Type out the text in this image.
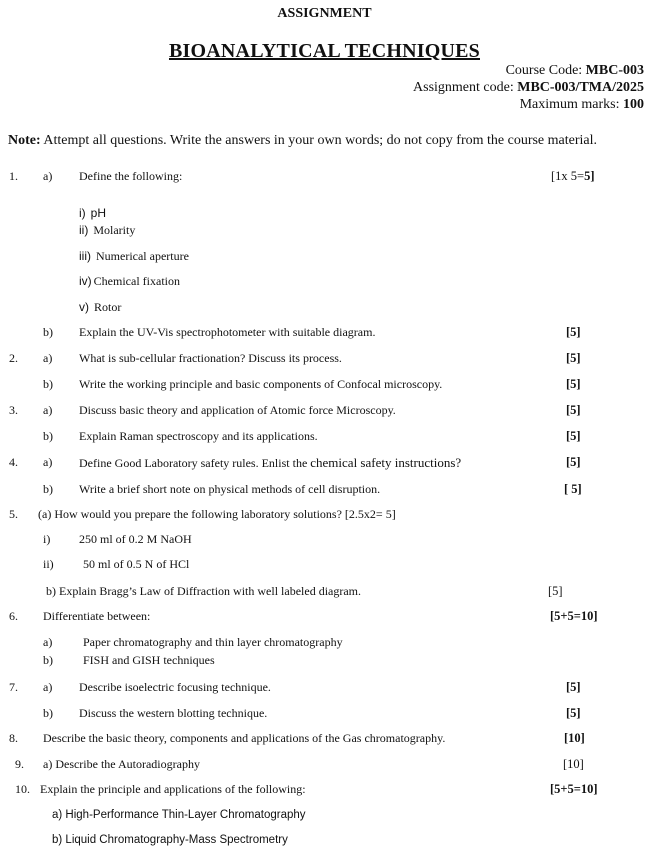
ASSIGNMENT
BIOANALYTICAL TECHNIQUES
Course Code: MBC-003
Assignment code: MBC-003/TMA/2025
Maximum marks: 100
Note: Attempt all questions. Write the answers in your own words; do not copy from the course material.
1. a) Define the following:	[1x 5=5]
i) pH
ii) Molarity
iii) Numerical aperture
iv) Chemical fixation
v) Rotor
b) Explain the UV-Vis spectrophotometer with suitable diagram.	[5]
2. a) What is sub-cellular fractionation? Discuss its process.	[5]
b) Write the working principle and basic components of Confocal microscopy.	[5]
3. a) Discuss basic theory and application of Atomic force Microscopy.	[5]
b) Explain Raman spectroscopy and its applications.	[5]
4. a) Define Good Laboratory safety rules. Enlist the chemical safety instructions?	[5]
b) Write a brief short note on physical methods of cell disruption.	[ 5]
5. (a) How would you prepare the following laboratory solutions? [2.5x2= 5]
i) 250 ml of 0.2 M NaOH
ii) 50 ml of 0.5 N of HCl
b) Explain Bragg’s Law of Diffraction with well labeled diagram.	[5]
6. Differentiate between:	[5+5=10]
a)	Paper chromatography and thin layer chromatography
b)	FISH and GISH techniques
7. a) Describe isoelectric focusing technique.	[5]
b) Discuss the western blotting technique.	[5]
8. Describe the basic theory, components and applications of the Gas chromatography.	[10]
9. a) Describe the Autoradiography	[10]
10. Explain the principle and applications of the following:	[5+5=10]
a) High-Performance Thin-Layer Chromatography
b) Liquid Chromatography-Mass Spectrometry
